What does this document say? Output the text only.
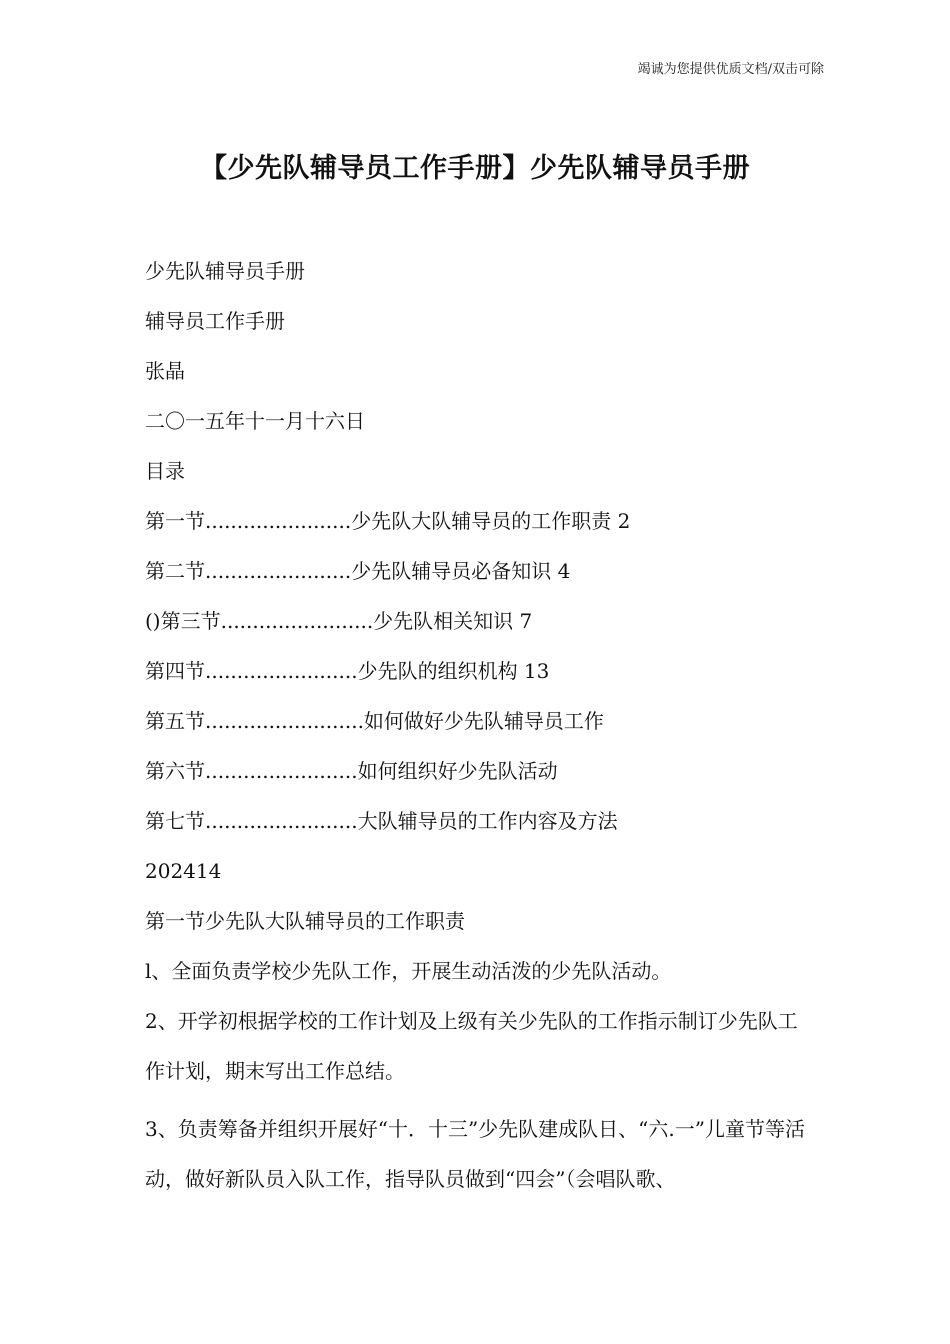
竭诚为您提供优质文档/双击可除
【少先队辅导员工作手册】少先队辅导员手册
少先队辅导员手册
辅导员工作手册
张晶
二〇一五年十一月十六日
目录
第一节.......................少先队大队辅导员的工作职责 2
第二节.......................少先队辅导员必备知识 4
()第三节........................少先队相关知识 7
第四节........................少先队的组织机构 13
第五节.........................如何做好少先队辅导员工作
第六节........................如何组织好少先队活动
第七节........................大队辅导员的工作内容及方法
202414
第一节少先队大队辅导员的工作职责
l、全面负责学校少先队工作，开展生动活泼的少先队活动。
2、开学初根据学校的工作计划及上级有关少先队的工作指示制订少先队工作计划，期末写出工作总结。
3、负责筹备并组织开展好“十．十三”少先队建成队日、“六.一”儿童节等活动，做好新队员入队工作，指导队员做到“四会”（会唱队歌、
